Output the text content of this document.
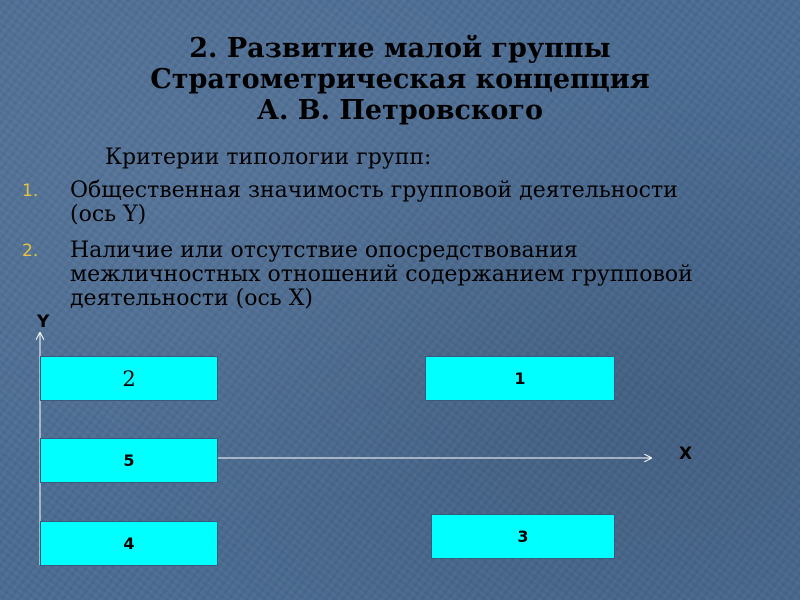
2. Развитие малой группы
Стратометрическая концепция
А. В. Петровского
Критерии типологии групп:
1. Общественная значимость групповой деятельности (ось Y)
2. Наличие или отсутствие опосредствования межличностных отношений содержанием групповой деятельности (ось X)
Y
X
2	1
5
4	3
